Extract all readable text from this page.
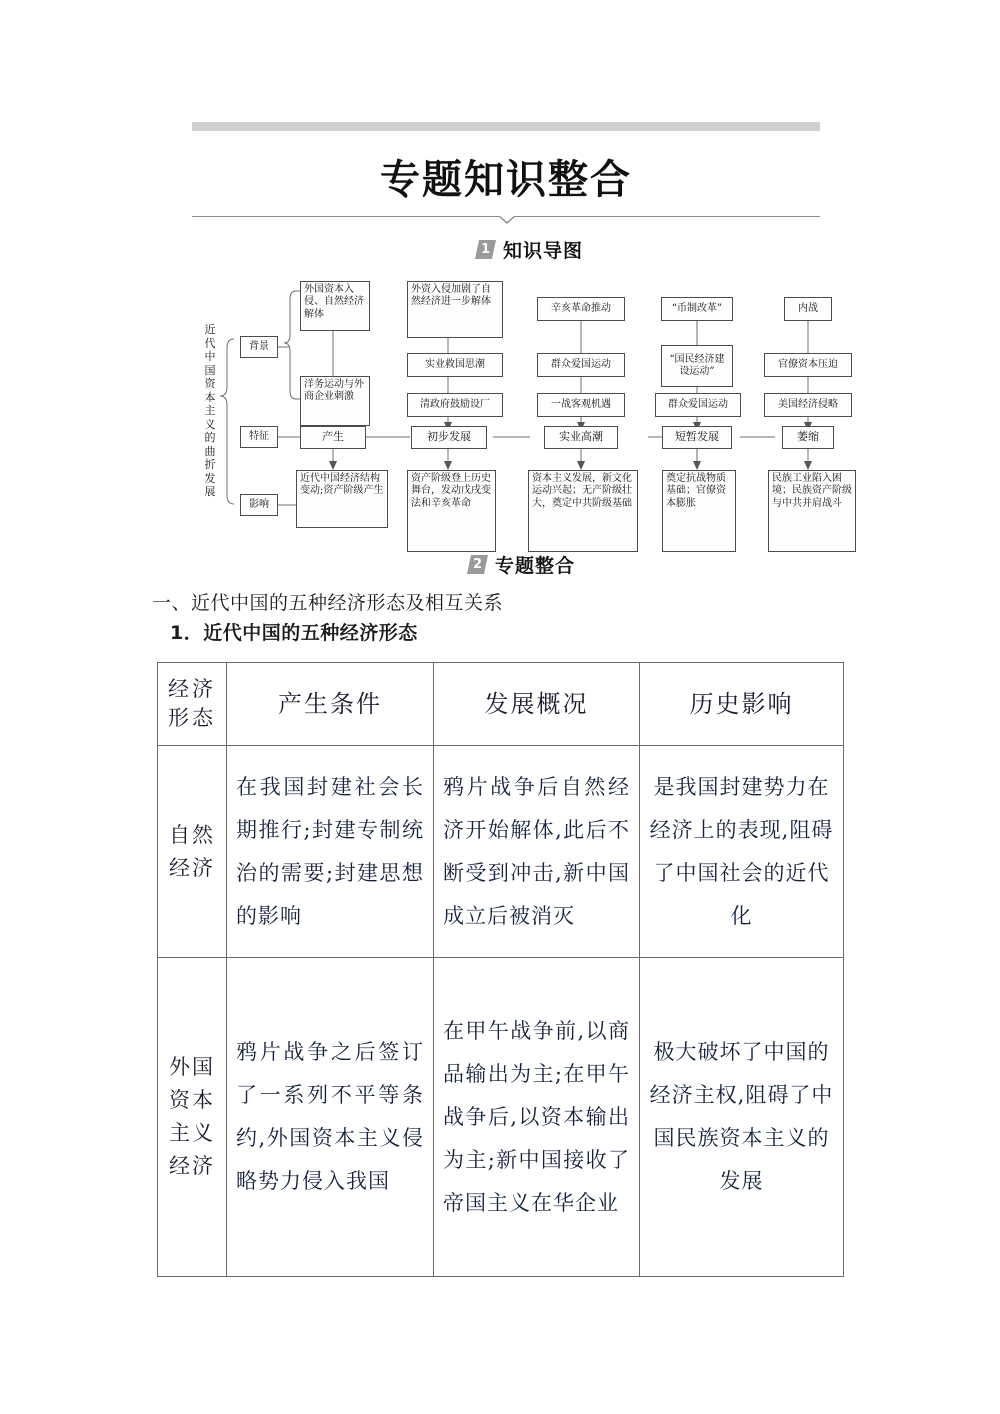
专题知识整合
1 知识导图
近代中国资本主义的曲折发展
背景
特征
影响
外国资本入侵、自然经济解体
洋务运动与外商企业刺激
产生
近代中国经济结构变动;资产阶级产生
外资入侵加剧了自然经济进一步解体
实业救国思潮
清政府鼓励设厂
初步发展
资产阶级登上历史舞台，发动戊戌变法和辛亥革命
辛亥革命推动
群众爱国运动
一战客观机遇
实业高潮
资本主义发展，新文化运动兴起；无产阶级壮大，奠定中共阶级基础
“币制改革”
“国民经济建设运动”
群众爱国运动
短暂发展
奠定抗战物质基础；官僚资本膨胀
内战
官僚资本压迫
美国经济侵略
萎缩
民族工业陷入困境；民族资产阶级与中共并肩战斗
2 专题整合
一、近代中国的五种经济形态及相互关系
1．近代中国的五种经济形态
经济形态	产生条件	发展概况	历史影响
自然经济	在我国封建社会长期推行;封建专制统治的需要;封建思想的影响	鸦片战争后自然经济开始解体,此后不断受到冲击,新中国成立后被消灭	是我国封建势力在经济上的表现,阻碍了中国社会的近代化
外国资本主义经济	鸦片战争之后签订了一系列不平等条约,外国资本主义侵略势力侵入我国	在甲午战争前,以商品输出为主;在甲午战争后,以资本输出为主;新中国接收了帝国主义在华企业	极大破坏了中国的经济主权,阻碍了中国民族资本主义的发展
